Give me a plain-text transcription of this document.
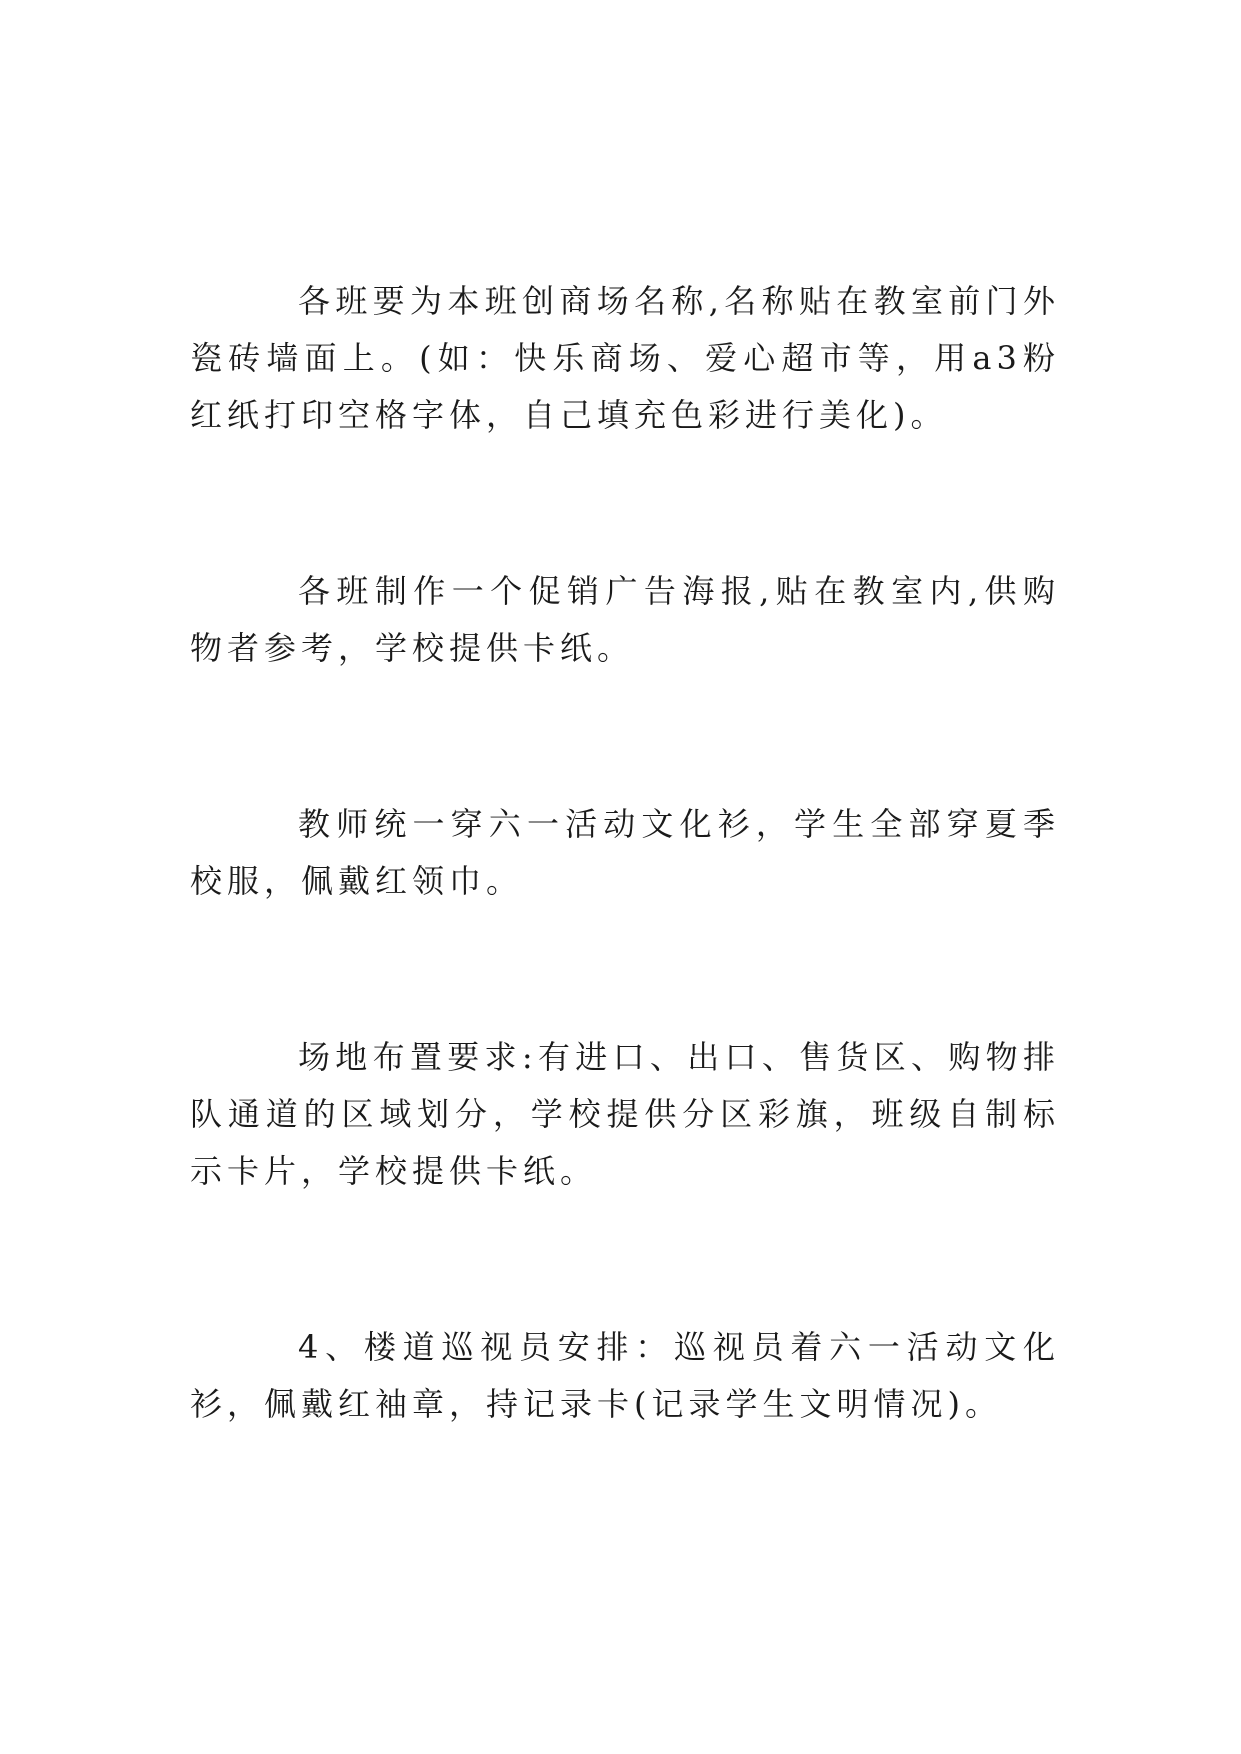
各班要为本班创商场名称,名称贴在教室前门外瓷砖墙面上。(如：快乐商场、爱心超市等，用a3粉红纸打印空格字体，自己填充色彩进行美化)。

各班制作一个促销广告海报,贴在教室内,供购物者参考，学校提供卡纸。

教师统一穿六一活动文化衫，学生全部穿夏季校服，佩戴红领巾。

场地布置要求:有进口、出口、售货区、购物排队通道的区域划分，学校提供分区彩旗，班级自制标示卡片，学校提供卡纸。

4、楼道巡视员安排：巡视员着六一活动文化衫，佩戴红袖章，持记录卡(记录学生文明情况)。
